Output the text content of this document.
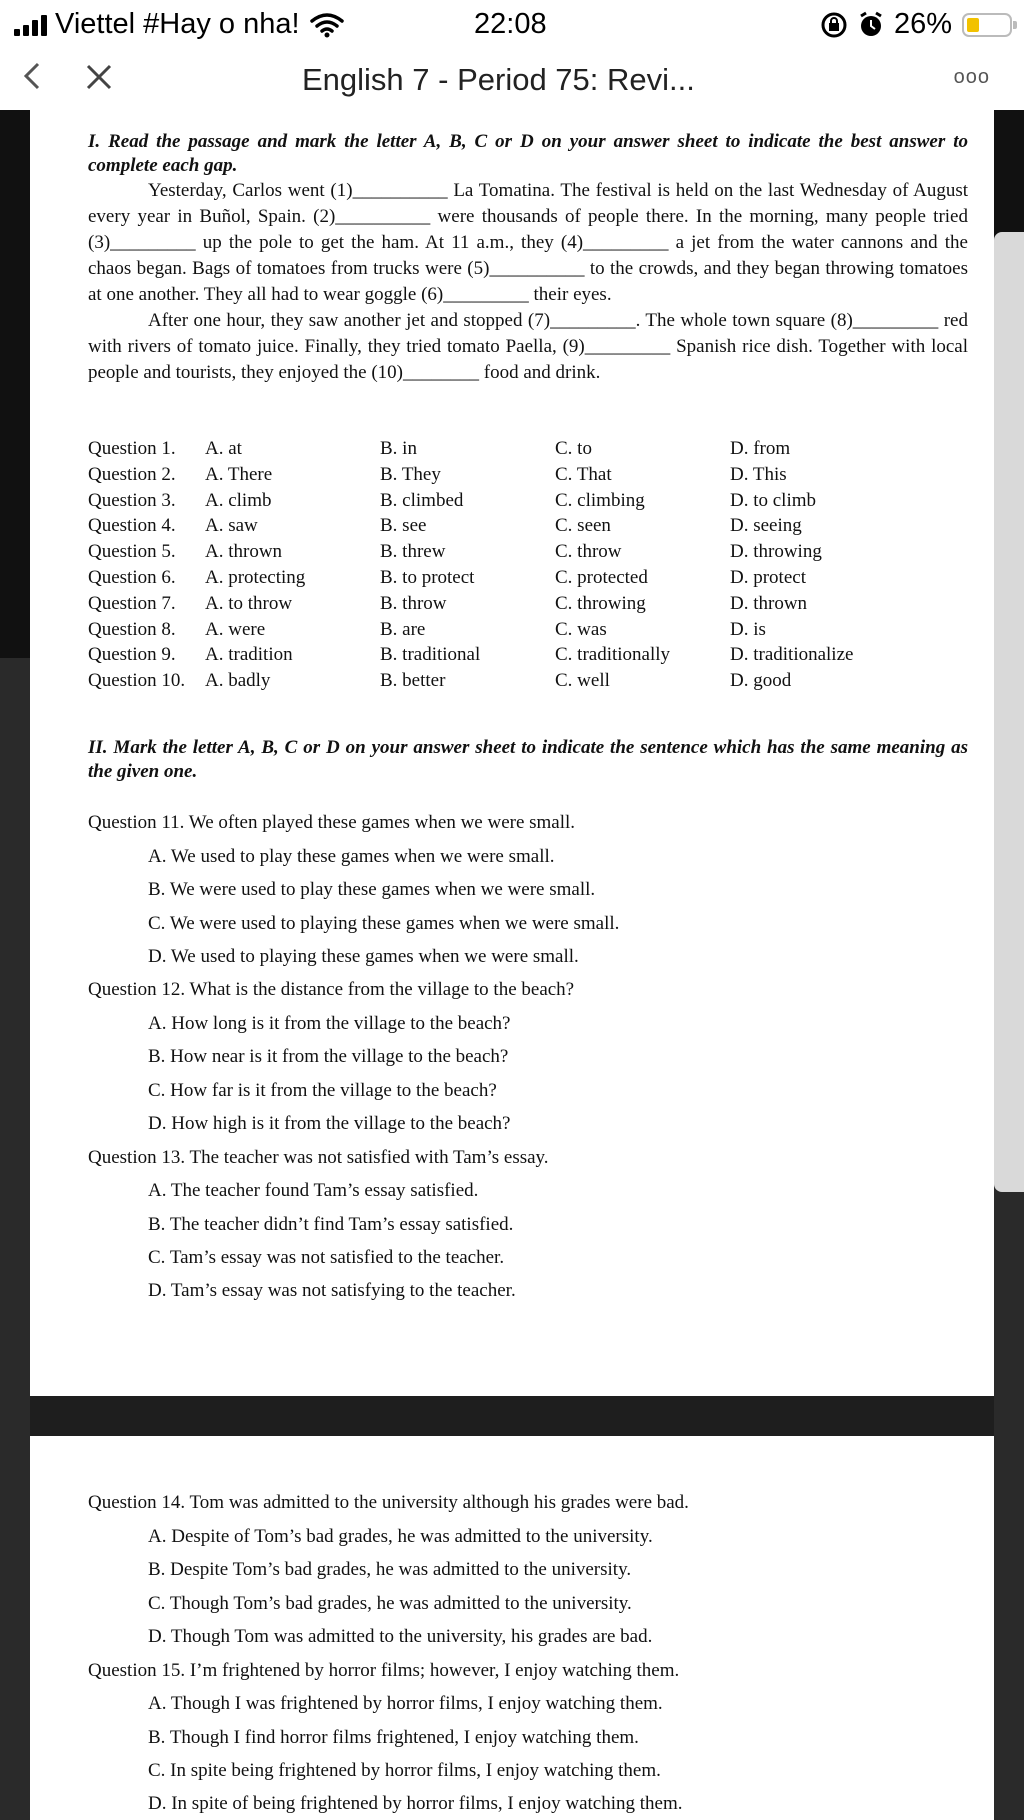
Viettel #Hay o nha!	22:08	26%
English 7 - Period 75: Revi...	ooo
I. Read the passage and mark the letter A, B, C or D on your answer sheet to indicate the best answer to complete each gap.

Yesterday, Carlos went (1)__________ La Tomatina. The festival is held on the last Wednesday of August every year in Buñol, Spain. (2)__________ were thousands of people there. In the morning, many people tried (3)_________ up the pole to get the ham. At 11 a.m., they (4)_________ a jet from the water cannons and the chaos began. Bags of tomatoes from trucks were (5)__________ to the crowds, and they began throwing tomatoes at one another. They all had to wear goggle (6)_________ their eyes.

After one hour, they saw another jet and stopped (7)_________. The whole town square (8)_________ red with rivers of tomato juice. Finally, they tried tomato Paella, (9)_________ Spanish rice dish. Together with local people and tourists, they enjoyed the (10)________ food and drink.

Question 1.	A. at	B. in	C. to	D. from
Question 2.	A. There	B. They	C. That	D. This
Question 3.	A. climb	B. climbed	C. climbing	D. to climb
Question 4.	A. saw	B. see	C. seen	D. seeing
Question 5.	A. thrown	B. threw	C. throw	D. throwing
Question 6.	A. protecting	B. to protect	C. protected	D. protect
Question 7.	A. to throw	B. throw	C. throwing	D. thrown
Question 8.	A. were	B. are	C. was	D. is
Question 9.	A. tradition	B. traditional	C. traditionally	D. traditionalize
Question 10.	A. badly	B. better	C. well	D. good
II. Mark the letter A, B, C or D on your answer sheet to indicate the sentence which has the same meaning as the given one.
Question 11. We often played these games when we were small.
A. We used to play these games when we were small.
B. We were used to play these games when we were small.
C. We were used to playing these games when we were small.
D. We used to playing these games when we were small.
Question 12. What is the distance from the village to the beach?
A. How long is it from the village to the beach?
B. How near is it from the village to the beach?
C. How far is it from the village to the beach?
D. How high is it from the village to the beach?
Question 13. The teacher was not satisfied with Tam’s essay.
A. The teacher found Tam’s essay satisfied.
B. The teacher didn’t find Tam’s essay satisfied.
C. Tam’s essay was not satisfied to the teacher.
D. Tam’s essay was not satisfying to the teacher.
Question 14. Tom was admitted to the university although his grades were bad.
A. Despite of Tom’s bad grades, he was admitted to the university.
B. Despite Tom’s bad grades, he was admitted to the university.
C. Though Tom’s bad grades, he was admitted to the university.
D. Though Tom was admitted to the university, his grades are bad.
Question 15. I’m frightened by horror films; however, I enjoy watching them.
A. Though I was frightened by horror films, I enjoy watching them.
B. Though I find horror films frightened, I enjoy watching them.
C. In spite being frightened by horror films, I enjoy watching them.
D. In spite of being frightened by horror films, I enjoy watching them.
